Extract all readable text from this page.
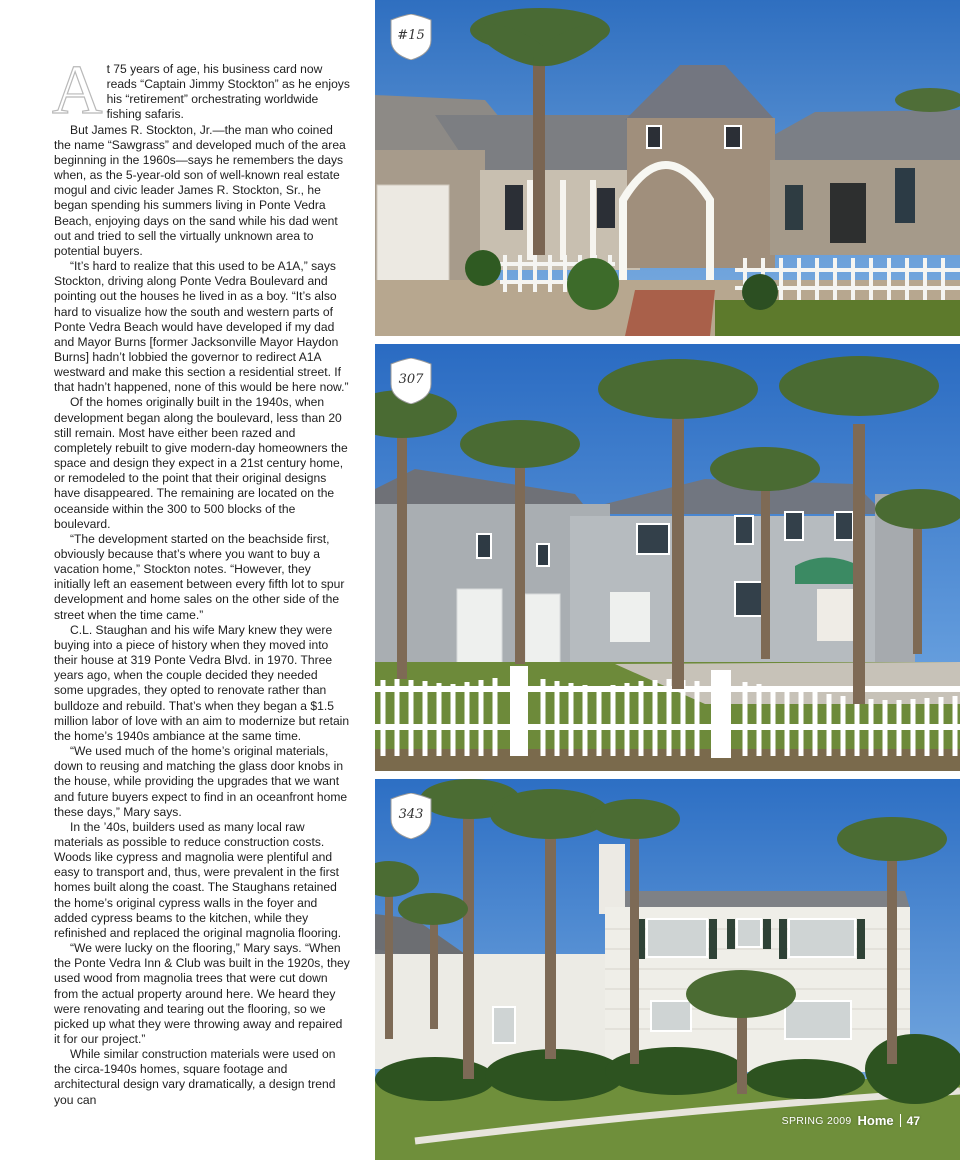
At 75 years of age, his business card now reads “Captain Jimmy Stockton” as he enjoys his “retirement” orchestrating worldwide fishing safaris.

But James R. Stockton, Jr.—the man who coined the name “Sawgrass” and developed much of the area beginning in the 1960s—says he remembers the days when, as the 5-year-old son of well-known real estate mogul and civic leader James R. Stockton, Sr., he began spending his summers living in Ponte Vedra Beach, enjoying days on the sand while his dad went out and tried to sell the virtually unknown area to potential buyers.

“It’s hard to realize that this used to be A1A,” says Stockton, driving along Ponte Vedra Boulevard and pointing out the houses he lived in as a boy. “It’s also hard to visualize how the south and western parts of Ponte Vedra Beach would have developed if my dad and Mayor Burns [former Jacksonville Mayor Haydon Burns] hadn’t lobbied the governor to redirect A1A westward and make this section a residential street. If that hadn’t happened, none of this would be here now.”

Of the homes originally built in the 1940s, when development began along the boulevard, less than 20 still remain. Most have either been razed and completely rebuilt to give modern-day homeowners the space and design they expect in a 21st century home, or remodeled to the point that their original designs have disappeared. The remaining are located on the oceanside within the 300 to 500 blocks of the boulevard.

“The development started on the beachside first, obviously because that’s where you want to buy a vacation home,” Stockton notes. “However, they initially left an easement between every fifth lot to spur development and home sales on the other side of the street when the time came.”

C.L. Staughan and his wife Mary knew they were buying into a piece of history when they moved into their house at 319 Ponte Vedra Blvd. in 1970. Three years ago, when the couple decided they needed some upgrades, they opted to renovate rather than bulldoze and rebuild. That’s when they began a $1.5 million labor of love with an aim to modernize but retain the home’s 1940s ambiance at the same time.

“We used much of the home’s original materials, down to reusing and matching the glass door knobs in the house, while providing the upgrades that we want and future buyers expect to find in an oceanfront home these days,” Mary says.

In the ’40s, builders used as many local raw materials as possible to reduce construction costs. Woods like cypress and magnolia were plentiful and easy to transport and, thus, were prevalent in the first homes built along the coast. The Staughans retained the home’s original cypress walls in the foyer and added cypress beams to the kitchen, while they refinished and replaced the original magnolia flooring.

“We were lucky on the flooring,” Mary says. “When the Ponte Vedra Inn & Club was built in the 1920s, they used wood from magnolia trees that were cut down from the actual property around here. We heard they were renovating and tearing out the flooring, so we picked up what they were throwing away and repaired it for our project.”

While similar construction materials were used on the circa-1940s homes, square footage and architectural design vary dramatically, a design trend you can

#15
307
343
SPRING 2009 Home 47
